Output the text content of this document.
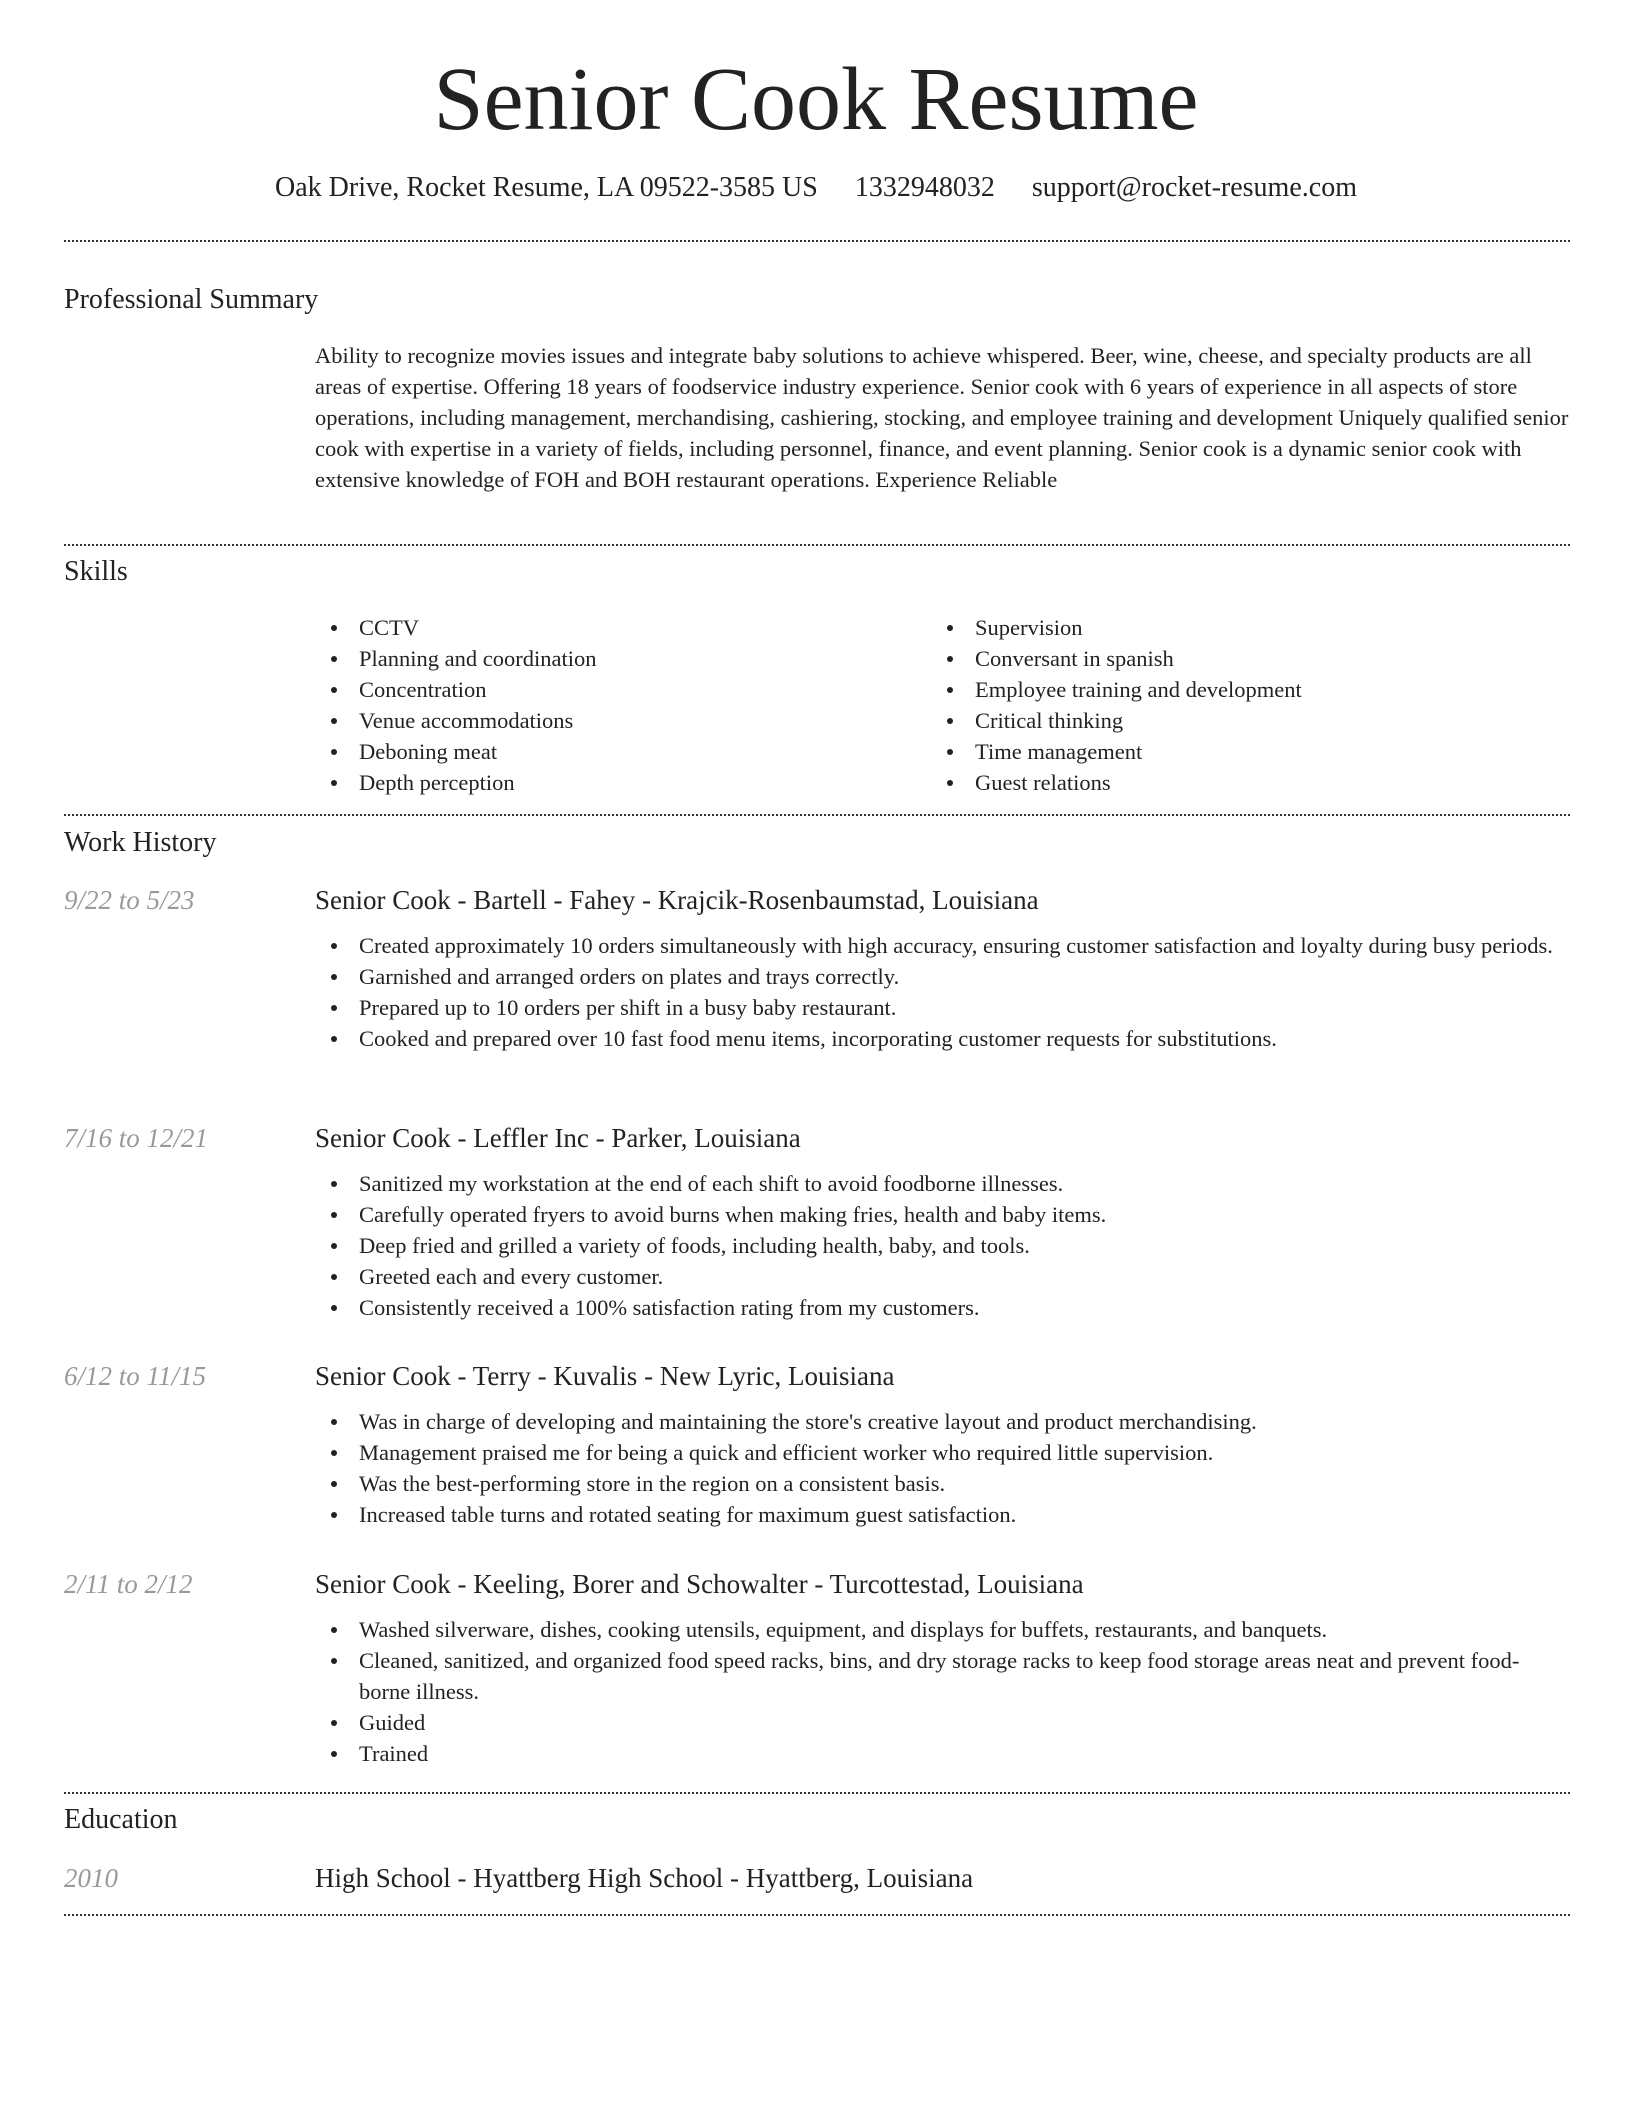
Senior Cook Resume
Oak Drive, Rocket Resume, LA 09522-3585 US 1332948032 support@rocket-resume.com
Professional Summary

Ability to recognize movies issues and integrate baby solutions to achieve whispered. Beer, wine, cheese, and specialty products are all areas of expertise. Offering 18 years of foodservice industry experience. Senior cook with 6 years of experience in all aspects of store operations, including management, merchandising, cashiering, stocking, and employee training and development Uniquely qualified senior cook with expertise in a variety of fields, including personnel, finance, and event planning. Senior cook is a dynamic senior cook with extensive knowledge of FOH and BOH restaurant operations. Experience Reliable

Skills
CCTV
Planning and coordination
Concentration
Venue accommodations
Deboning meat
Depth perception
Supervision
Conversant in spanish
Employee training and development
Critical thinking
Time management
Guest relations
Work History
9/22 to 5/23	Senior Cook - Bartell - Fahey - Krajcik-Rosenbaumstad, Louisiana
Created approximately 10 orders simultaneously with high accuracy, ensuring customer satisfaction and loyalty during busy periods.
Garnished and arranged orders on plates and trays correctly.
Prepared up to 10 orders per shift in a busy baby restaurant.
Cooked and prepared over 10 fast food menu items, incorporating customer requests for substitutions.
7/16 to 12/21	Senior Cook - Leffler Inc - Parker, Louisiana
Sanitized my workstation at the end of each shift to avoid foodborne illnesses.
Carefully operated fryers to avoid burns when making fries, health and baby items.
Deep fried and grilled a variety of foods, including health, baby, and tools.
Greeted each and every customer.
Consistently received a 100% satisfaction rating from my customers.
6/12 to 11/15	Senior Cook - Terry - Kuvalis - New Lyric, Louisiana
Was in charge of developing and maintaining the store's creative layout and product merchandising.
Management praised me for being a quick and efficient worker who required little supervision.
Was the best-performing store in the region on a consistent basis.
Increased table turns and rotated seating for maximum guest satisfaction.
2/11 to 2/12	Senior Cook - Keeling, Borer and Schowalter - Turcottestad, Louisiana
Washed silverware, dishes, cooking utensils, equipment, and displays for buffets, restaurants, and banquets.
Cleaned, sanitized, and organized food speed racks, bins, and dry storage racks to keep food storage areas neat and prevent food-borne illness.
Guided
Trained
Education
2010	High School - Hyattberg High School - Hyattberg, Louisiana
